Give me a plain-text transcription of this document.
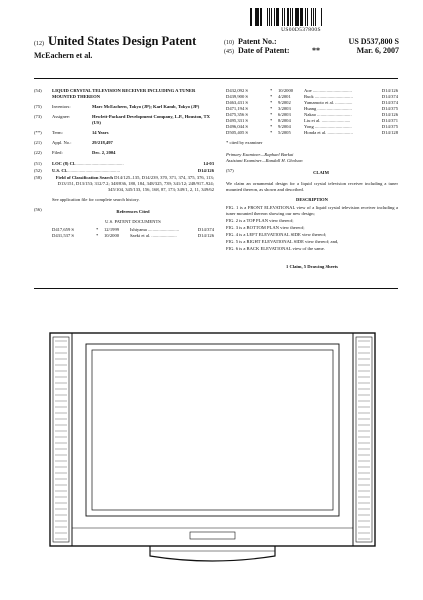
US00D537800S
(12) United States Design Patent
McEachern et al.
(10) Patent No.:	US D537,800 S
(45) Date of Patent:	**	Mar. 6, 2007
(54)	LIQUID CRYSTAL TELEVISION RECEIVER INCLUDING A TUNER MOUNTED THEREON
(75)	Inventors:	Marc McEachern, Tokyo (JP); Karl Kamb, Tokyo (JP)
(73)	Assignee:	Hewlett-Packard Development Company, L.P., Houston, TX (US)
(**)	Term:	14 Years
(21)	Appl. No.:	29/218,497
(22)	Filed:	Dec. 2, 2004
(51)	LOC (8) Cl. ..........................................	14-03
(52)	U.S. Cl. ..............................................	D14/126
(58)	Field of Classification Search D14/125–135, D14/239, 370, 371, 374, 375, 376, 113; D13/151, D13/153; 312/7.2; 348/836, 180, 184, 348/325, 739; 341/12; 248/917–924; 345/104, 345/133, 156, 168, 87, 173; 349/1, 2, 11, 349/62
See application file for complete search history.
(56)	References Cited
U.S. PATENT DOCUMENTS
D417,659 S	*	12/1999	Ishiyama ...........................	D14/374
D431,537 S	*	10/2000	Saeki et al. ......................	D14/126
D432,092 S	*	10/2000	Aoe ..................................	D14/126
D439,900 S	*	4/2001	Buck .................................	D14/374
D463,431 S	*	9/2002	Yamamoto et al. ...............	D14/374
D471,194 S	*	3/2003	Huang ..............................	D14/375
D475,356 S	*	6/2003	Nakao ..............................	D14/126
D495,331 S	*	8/2004	Liu et al. .........................	D14/371
D496,044 S	*	9/2004	Yong ................................	D14/375
D505,405 S	*	5/2005	Honda et al. ......................	D14/128
* cited by examiner
Primary Examiner—Raphael Barkai
Assistant Examiner—Randall H. Gholson
(57)	CLAIM
We claim an ornamental design for a liquid crystal television receiver including a tuner mounted thereon, as shown and described.
DESCRIPTION
FIG. 1 is a FRONT ELEVATIONAL view of a liquid crystal television receiver including a tuner mounted thereon showing our new design;
FIG. 2 is a TOP PLAN view thereof;
FIG. 3 is a BOTTOM PLAN view thereof;
FIG. 4 is a LEFT ELEVATIONAL SIDE view thereof;
FIG. 5 is a RIGHT ELEVATIONAL SIDE view thereof; and,
FIG. 6 is a BACK ELEVATIONAL view of the same.
1 Claim, 5 Drawing Sheets
